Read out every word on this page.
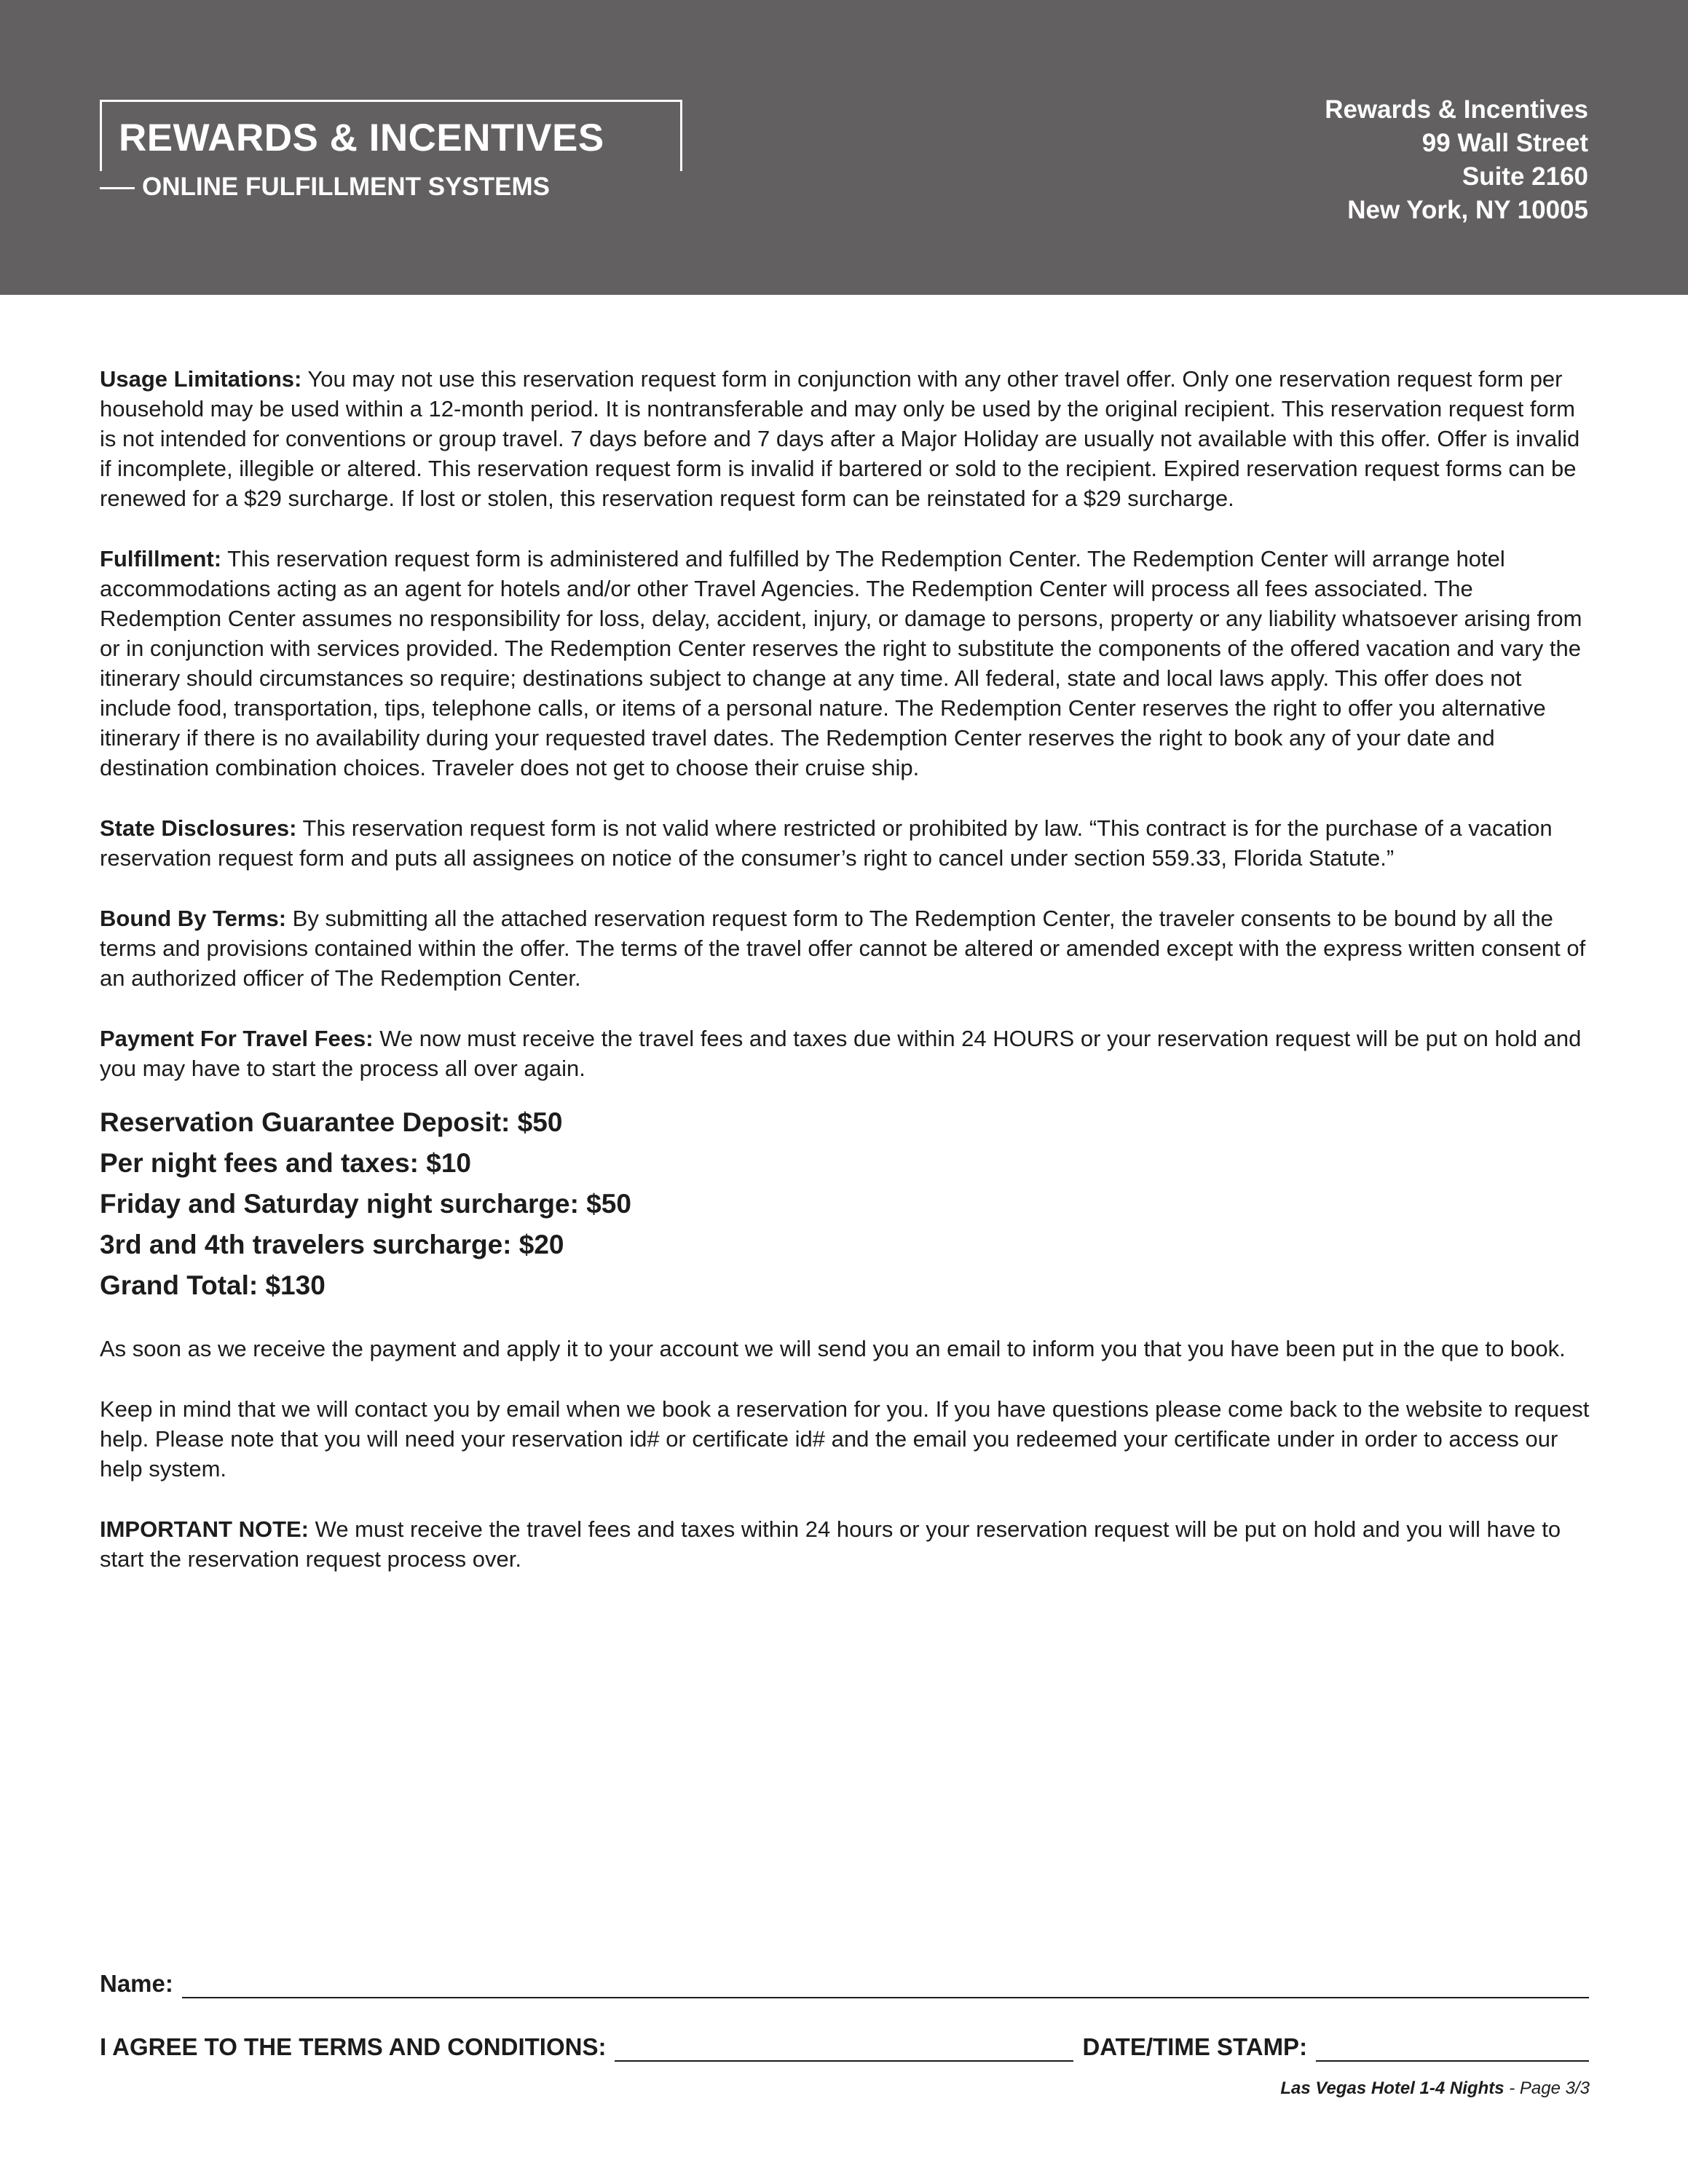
REWARDS & INCENTIVES
ONLINE FULFILLMENT SYSTEMS
Rewards & Incentives
99 Wall Street
Suite 2160
New York, NY 10005

Usage Limitations: You may not use this reservation request form in conjunction with any other travel offer. Only one reservation request form per household may be used within a 12-month period. It is nontransferable and may only be used by the original recipient. This reservation request form is not intended for conventions or group travel. 7 days before and 7 days after a Major Holiday are usually not available with this offer. Offer is invalid if incomplete, illegible or altered. This reservation request form is invalid if bartered or sold to the recipient. Expired reservation request forms can be renewed for a $29 surcharge. If lost or stolen, this reservation request form can be reinstated for a $29 surcharge.

Fulfillment: This reservation request form is administered and fulfilled by The Redemption Center. The Redemption Center will arrange hotel accommodations acting as an agent for hotels and/or other Travel Agencies. The Redemption Center will process all fees associated. The Redemption Center assumes no responsibility for loss, delay, accident, injury, or damage to persons, property or any liability whatsoever arising from or in conjunction with services provided. The Redemption Center reserves the right to substitute the components of the offered vacation and vary the itinerary should circumstances so require; destinations subject to change at any time. All federal, state and local laws apply. This offer does not include food, transportation, tips, telephone calls, or items of a personal nature. The Redemption Center reserves the right to offer you alternative itinerary if there is no availability during your requested travel dates. The Redemption Center reserves the right to book any of your date and destination combination choices. Traveler does not get to choose their cruise ship.

State Disclosures: This reservation request form is not valid where restricted or prohibited by law. “This contract is for the purchase of a vacation reservation request form and puts all assignees on notice of the consumer’s right to cancel under section 559.33, Florida Statute.”

Bound By Terms: By submitting all the attached reservation request form to The Redemption Center, the traveler consents to be bound by all the terms and provisions contained within the offer. The terms of the travel offer cannot be altered or amended except with the express written consent of an authorized officer of The Redemption Center.

Payment For Travel Fees: We now must receive the travel fees and taxes due within 24 HOURS or your reservation request will be put on hold and you may have to start the process all over again.

Reservation Guarantee Deposit: $50
Per night fees and taxes: $10
Friday and Saturday night surcharge: $50
3rd and 4th travelers surcharge: $20
Grand Total: $130

As soon as we receive the payment and apply it to your account we will send you an email to inform you that you have been put in the que to book.

Keep in mind that we will contact you by email when we book a reservation for you. If you have questions please come back to the website to request help. Please note that you will need your reservation id# or certificate id# and the email you redeemed your certificate under in order to access our help system.

IMPORTANT NOTE: We must receive the travel fees and taxes within 24 hours or your reservation request will be put on hold and you will have to start the reservation request process over.

Name:
I AGREE TO THE TERMS AND CONDITIONS:	DATE/TIME STAMP:
Las Vegas Hotel 1-4 Nights - Page 3/3
